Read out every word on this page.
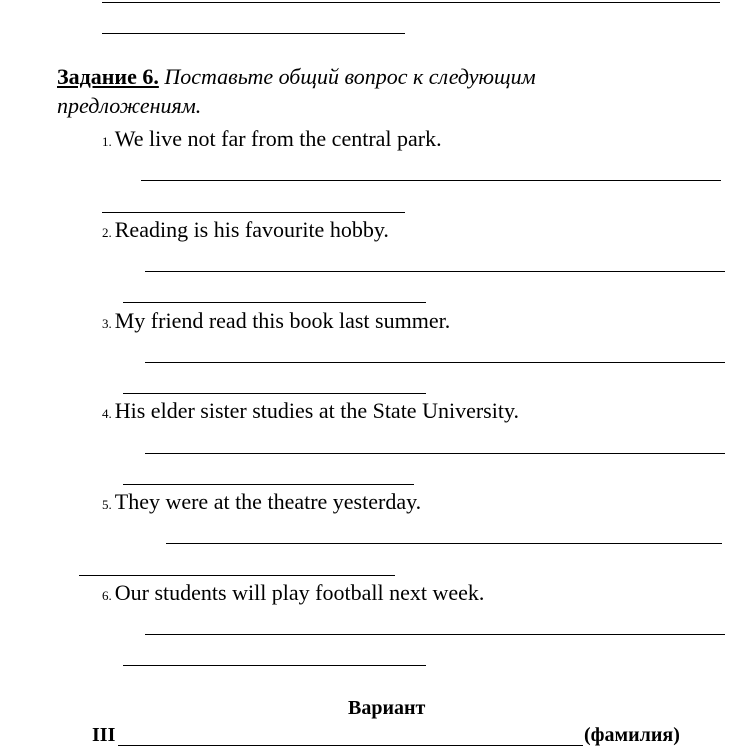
Задание 6. Поставьте общий вопрос к следующим предложениям.
1. We live not far from the central park.
2. Reading is his favourite hobby.
3. My friend read this book last summer.
4. His elder sister studies at the State University.
5. They were at the theatre yesterday.
6. Our students will play football next week.
Вариант
III	(фамилия)
